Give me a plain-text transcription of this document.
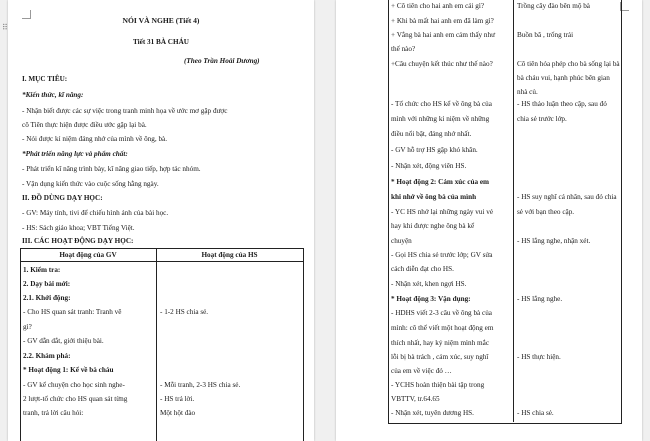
NÓI VÀ NGHE (Tiết 4)
Tiết 31 BÀ CHÁU
(Theo Trần Hoài Dương)
I. MỤC TIÊU:
*Kiến thức, kĩ năng:
- Nhận biết được các sự việc trong tranh minh họa về ước mơ gặp được
cô Tiên thực hiện được điều ước gặp lại bà.
- Nói được kỉ niệm đáng nhớ của mình về ông, bà.
*Phát triển năng lực và phẩm chất:
- Phát triển kĩ năng trình bày, kĩ năng giao tiếp, hợp tác nhóm.
- Vận dụng kiến thức vào cuộc sống hằng ngày.
II. ĐỒ DÙNG DẠY HỌC:
- GV: Máy tính, tivi để chiếu hình ảnh của bài học.
- HS: Sách giáo khoa; VBT Tiếng Việt.
III. CÁC HOẠT ĐỘNG DẠY HỌC:
Hoạt động của GV	Hoạt động của HS
1. Kiểm tra:
2. Dạy bài mới:
2.1. Khởi động:
- Cho HS quan sát tranh: Tranh vẽ
gì?
- GV dẫn dắt, giới thiệu bài.
2.2. Khám phá:
* Hoạt động 1: Kể về bà cháu
- GV kể chuyện cho học sinh nghe-
2 lượt-tổ chức cho HS quan sát từng
tranh, trả lời câu hỏi:
- 1-2 HS chia sẻ.
- Mỗi tranh, 2-3 HS chia sẻ.
- HS trả lời.
Một hột đào
⠿
+ Cô tiên cho hai anh em cái gì?
+ Khi bà mất hai anh em đã làm gì?
+ Vắng bà hai anh em cảm thấy như
thế nào?
+Câu chuyện kết thúc như thế nào?
- Tổ chức cho HS kể về ông bà của
mình với những kỉ niệm về những
điều nổi bật, đáng nhớ nhất.
- GV hỗ trợ HS gặp khó khăn.
- Nhận xét, động viên HS.
* Hoạt động 2: Cảm xúc của em
khi nhớ về ông bà của mình
- YC HS nhớ lại những ngày vui vẻ
hay khi được nghe ông bà kể
chuyện
- Gọi HS chia sẻ trước lớp; GV sửa
cách diễn đạt cho HS.
- Nhận xét, khen ngợi HS.
* Hoạt động 3: Vận dụng:
- HDHS viết 2-3 câu về ông bà của
mình: cô thể viết một hoạt động em
thích nhất, hay kỷ niệm mình mắc
lỗi bị bà trách , cảm xúc, suy nghĩ
của em về việc đó …
- YCHS hoàn thiện bài tập trong
VBTTV, tr.64.65
- Nhận xét, tuyên dương HS.
Trồng cây đào bên mộ bà
Buồn bã , trống trải
Cô tiên hóa phép cho bà sống lại bà
bà cháu vui, hạnh phúc bên gian
nhà củ.
- HS thảo luận theo cặp, sau đó
chia sẻ trước lớp.
- HS suy nghĩ cá nhân, sau đó chia
sẻ với bạn theo cặp.
- HS lắng nghe, nhận xét.
- HS lắng nghe.
- HS thực hiện.
- HS chia sẻ.
